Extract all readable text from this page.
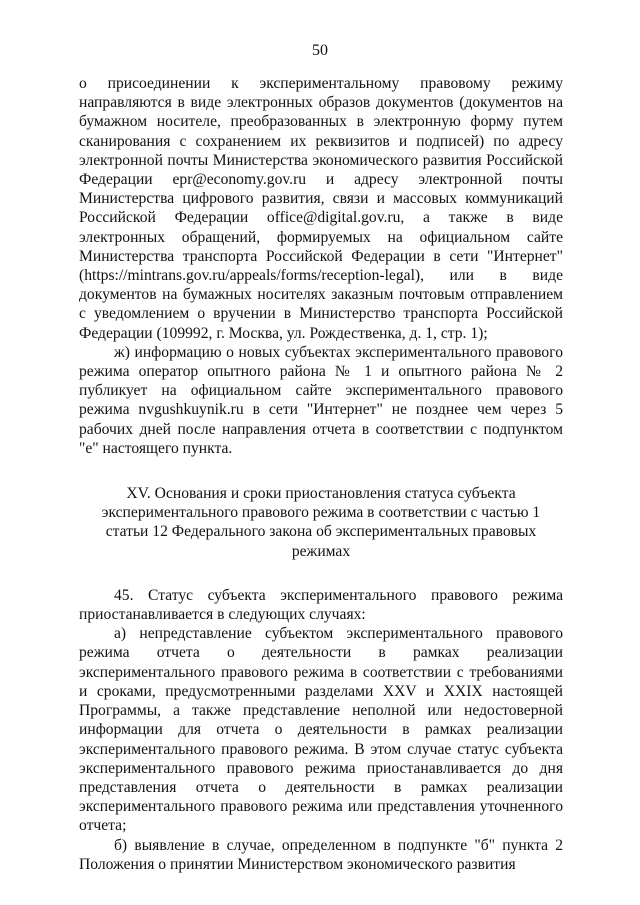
50

о присоединении к экспериментальному правовому режиму направляются в виде электронных образов документов (документов на бумажном носителе, преобразованных в электронную форму путем сканирования с сохранением их реквизитов и подписей) по адресу электронной почты Министерства экономического развития Российской Федерации epr@economy.gov.ru и адресу электронной почты Министерства цифрового развития, связи и массовых коммуникаций Российской Федерации office@digital.gov.ru, а также в виде электронных обращений, формируемых на официальном сайте Министерства транспорта Российской Федерации в сети "Интернет" (https://mintrans.gov.ru/appeals/forms/reception-legal), или в виде документов на бумажных носителях заказным почтовым отправлением с уведомлением о вручении в Министерство транспорта Российской Федерации (109992, г. Москва, ул. Рождественка, д. 1, стр. 1);

ж) информацию о новых субъектах экспериментального правового режима оператор опытного района № 1 и опытного района № 2 публикует на официальном сайте экспериментального правового режима nvgushkuynik.ru в сети "Интернет" не позднее чем через 5 рабочих дней после направления отчета в соответствии с подпунктом "е" настоящего пункта.

XV. Основания и сроки приостановления статуса субъекта
экспериментального правового режима в соответствии с частью 1
статьи 12 Федерального закона об экспериментальных правовых режимах

45. Статус субъекта экспериментального правового режима приостанавливается в следующих случаях:

а) непредставление субъектом экспериментального правового режима отчета о деятельности в рамках реализации экспериментального правового режима в соответствии с требованиями и сроками, предусмотренными разделами XXV и XXIX настоящей Программы, а также представление неполной или недостоверной информации для отчета о деятельности в рамках реализации экспериментального правового режима. В этом случае статус субъекта экспериментального правового режима приостанавливается до дня представления отчета о деятельности в рамках реализации экспериментального правового режима или представления уточненного отчета;

б) выявление в случае, определенном в подпункте "б" пункта 2 Положения о принятии Министерством экономического развития
